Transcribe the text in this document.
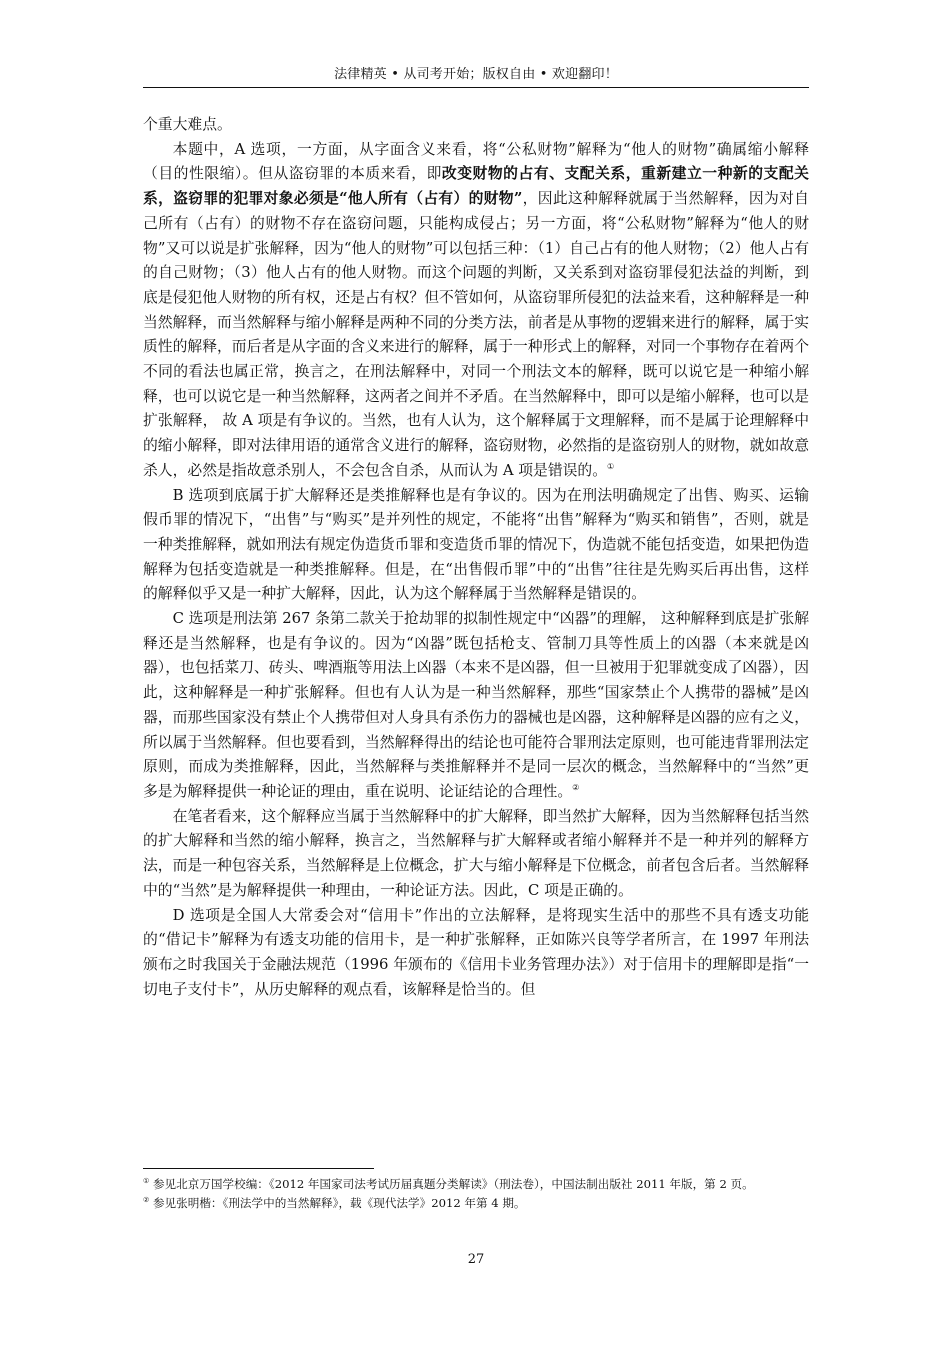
法律精英 • 从司考开始；版权自由 • 欢迎翻印！

个重大难点。

本题中，A 选项，一方面，从字面含义来看，将“公私财物”解释为“他人的财物”确属缩小解释（目的性限缩）。但从盗窃罪的本质来看，即改变财物的占有、支配关系，重新建立一种新的支配关系，盗窃罪的犯罪对象必须是“他人所有（占有）的财物”，因此这种解释就属于当然解释，因为对自己所有（占有）的财物不存在盗窃问题，只能构成侵占；另一方面，将“公私财物”解释为“他人的财物”又可以说是扩张解释，因为“他人的财物”可以包括三种：（1）自己占有的他人财物；（2）他人占有的自己财物；（3）他人占有的他人财物。而这个问题的判断，又关系到对盗窃罪侵犯法益的判断，到底是侵犯他人财物的所有权，还是占有权？但不管如何，从盗窃罪所侵犯的法益来看，这种解释是一种当然解释，而当然解释与缩小解释是两种不同的分类方法，前者是从事物的逻辑来进行的解释，属于实质性的解释，而后者是从字面的含义来进行的解释，属于一种形式上的解释，对同一个事物存在着两个不同的看法也属正常，换言之，在刑法解释中，对同一个刑法文本的解释，既可以说它是一种缩小解释，也可以说它是一种当然解释，这两者之间并不矛盾。在当然解释中，即可以是缩小解释，也可以是扩张解释， 故 A 项是有争议的。当然，也有人认为，这个解释属于文理解释，而不是属于论理解释中的缩小解释，即对法律用语的通常含义进行的解释，盗窃财物，必然指的是盗窃别人的财物，就如故意杀人，必然是指故意杀别人，不会包含自杀，从而认为 A 项是错误的。①

B 选项到底属于扩大解释还是类推解释也是有争议的。因为在刑法明确规定了出售、购买、运输假币罪的情况下，“出售”与“购买”是并列性的规定，不能将“出售”解释为“购买和销售”，否则，就是一种类推解释，就如刑法有规定伪造货币罪和变造货币罪的情况下，伪造就不能包括变造，如果把伪造解释为包括变造就是一种类推解释。但是，在“出售假币罪”中的“出售”往往是先购买后再出售，这样的解释似乎又是一种扩大解释，因此，认为这个解释属于当然解释是错误的。

C 选项是刑法第 267 条第二款关于抢劫罪的拟制性规定中“凶器”的理解， 这种解释到底是扩张解释还是当然解释，也是有争议的。因为“凶器”既包括枪支、管制刀具等性质上的凶器（本来就是凶器），也包括菜刀、砖头、啤酒瓶等用法上凶器（本来不是凶器，但一旦被用于犯罪就变成了凶器），因此，这种解释是一种扩张解释。但也有人认为是一种当然解释，那些“国家禁止个人携带的器械”是凶器，而那些国家没有禁止个人携带但对人身具有杀伤力的器械也是凶器，这种解释是凶器的应有之义，所以属于当然解释。但也要看到，当然解释得出的结论也可能符合罪刑法定原则，也可能违背罪刑法定原则，而成为类推解释，因此，当然解释与类推解释并不是同一层次的概念，当然解释中的“当然”更多是为解释提供一种论证的理由，重在说明、论证结论的合理性。②

在笔者看来，这个解释应当属于当然解释中的扩大解释，即当然扩大解释，因为当然解释包括当然的扩大解释和当然的缩小解释，换言之，当然解释与扩大解释或者缩小解释并不是一种并列的解释方法，而是一种包容关系，当然解释是上位概念，扩大与缩小解释是下位概念，前者包含后者。当然解释中的“当然”是为解释提供一种理由，一种论证方法。因此，C 项是正确的。

D 选项是全国人大常委会对“信用卡”作出的立法解释，是将现实生活中的那些不具有透支功能的“借记卡”解释为有透支功能的信用卡，是一种扩张解释，正如陈兴良等学者所言，在 1997 年刑法颁布之时我国关于金融法规范（1996 年颁布的《信用卡业务管理办法》）对于信用卡的理解即是指“一切电子支付卡”，从历史解释的观点看，该解释是恰当的。但

① 参见北京万国学校编：《2012 年国家司法考试历届真题分类解读》（刑法卷），中国法制出版社 2011 年版，第 2 页。

② 参见张明楷：《刑法学中的当然解释》，载《现代法学》2012 年第 4 期。

27
